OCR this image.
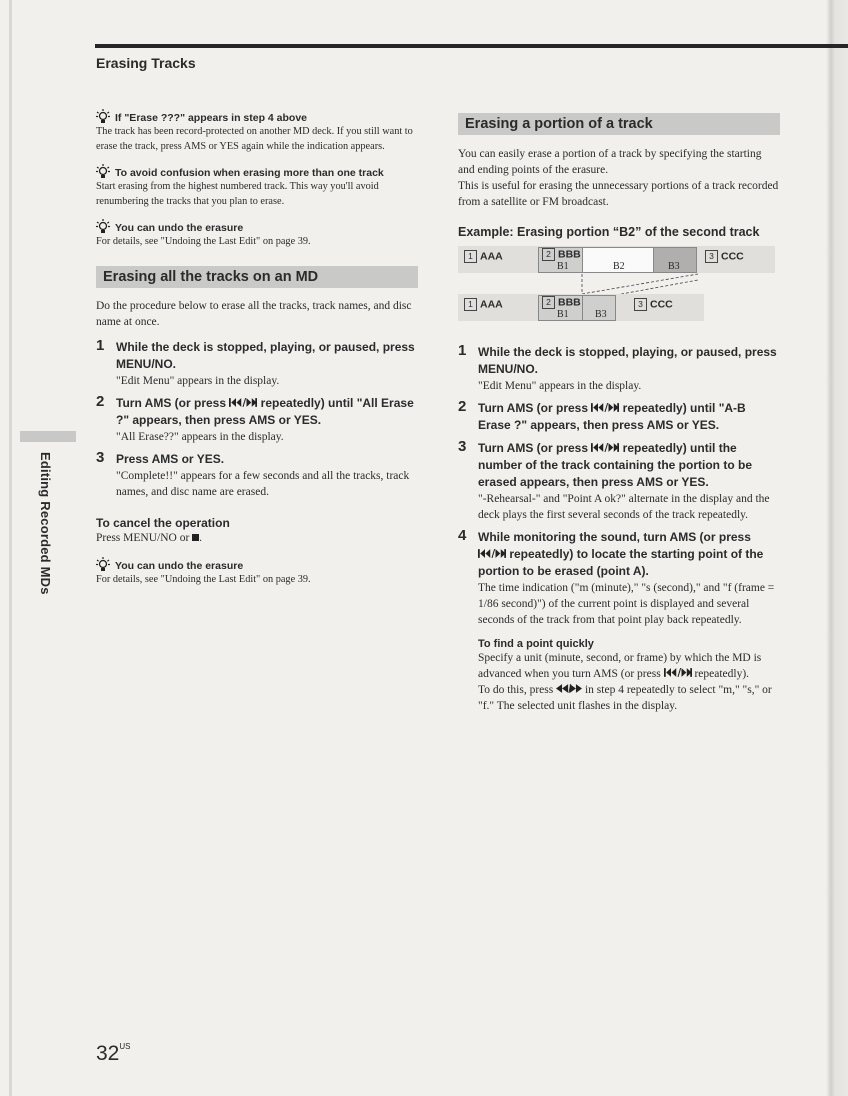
Erasing Tracks
Editing Recorded MDs

If "Erase ???" appears in step 4 above

The track has been record-protected on another MD deck. If you still want to erase the track, press AMS or YES again while the indication appears.

To avoid confusion when erasing more than one track

Start erasing from the highest numbered track. This way you'll avoid renumbering the tracks that you plan to erase.

You can undo the erasure

For details, see "Undoing the Last Edit" on page 39.

Erasing all the tracks on an MD

Do the procedure below to erase all the tracks, track names, and disc name at once.

1 While the deck is stopped, playing, or paused, press MENU/NO.

"Edit Menu" appears in the display.

2 Turn AMS (or press  repeatedly) until "All Erase ?" appears, then press AMS or YES.

"All Erase??" appears in the display.

3 Press AMS or YES.

"Complete!!" appears for a few seconds and all the tracks, track names, and disc name are erased.

To cancel the operation

Press MENU/NO or .

You can undo the erasure

For details, see "Undoing the Last Edit" on page 39.

Erasing a portion of a track

You can easily erase a portion of a track by specifying the starting and ending points of the erasure.

This is useful for erasing the unnecessary portions of a track recorded from a satellite or FM broadcast.

Example: Erasing portion “B2” of the second track

1 AAA	2 BBB
B1	B2	B3
3 CCC
1 AAA	2 BBB
B1	B3
3 CCC
1 While the deck is stopped, playing, or paused, press MENU/NO.

"Edit Menu" appears in the display.

2 Turn AMS (or press  repeatedly) until "A-B Erase ?" appears, then press AMS or YES.

3 Turn AMS (or press  repeatedly) until the number of the track containing the portion to be erased appears, then press AMS or YES.

"-Rehearsal-" and "Point A ok?" alternate in the display and the deck plays the first several seconds of the track repeatedly.

4 While monitoring the sound, turn AMS (or press  repeatedly) to locate the starting point of the portion to be erased (point A).

The time indication ("m (minute)," "s (second)," and "f (frame = 1/86 second)") of the current point is displayed and several seconds of the track from that point play back repeatedly.

To find a point quickly

Specify a unit (minute, second, or frame) by which the MD is advanced when you turn AMS (or press  repeatedly).

To do this, press  in step 4 repeatedly to select "m," "s," or "f." The selected unit flashes in the display.

$32^{US}$
